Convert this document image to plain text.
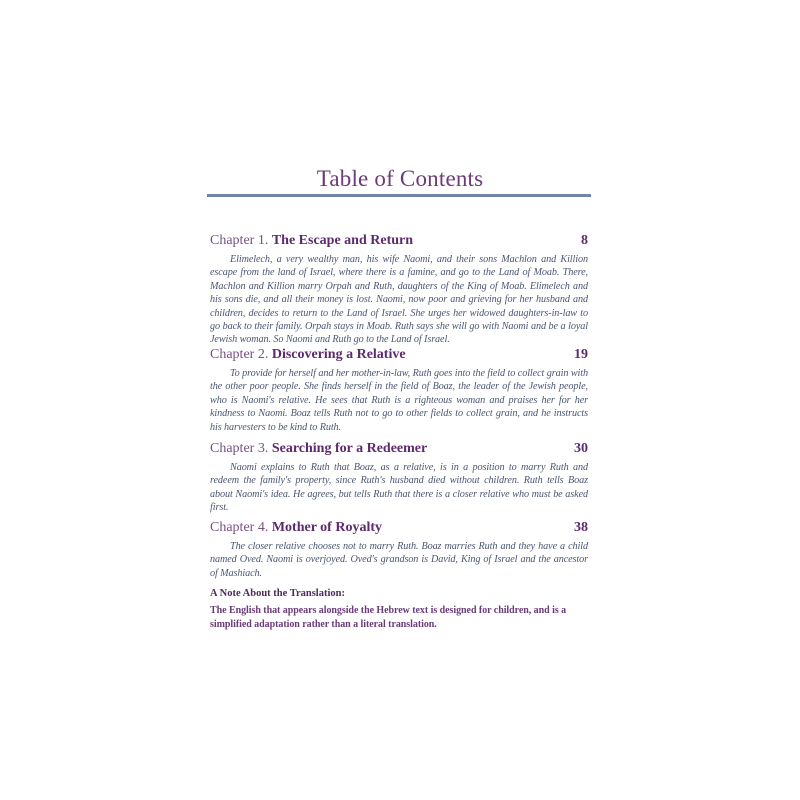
Table of Contents
Chapter 1. The Escape and Return	8
Elimelech, a very wealthy man, his wife Naomi, and their sons Machlon and Killion escape from the land of Israel, where there is a famine, and go to the Land of Moab. There, Machlon and Killion marry Orpah and Ruth, daughters of the King of Moab. Elimelech and his sons die, and all their money is lost. Naomi, now poor and grieving for her husband and children, decides to return to the Land of Israel. She urges her widowed daughters-in-law to go back to their family. Orpah stays in Moab. Ruth says she will go with Naomi and be a loyal Jewish woman. So Naomi and Ruth go to the Land of Israel.
Chapter 2. Discovering a Relative	19
To provide for herself and her mother-in-law, Ruth goes into the field to collect grain with the other poor people. She finds herself in the field of Boaz, the leader of the Jewish people, who is Naomi's relative. He sees that Ruth is a righteous woman and praises her for her kindness to Naomi. Boaz tells Ruth not to go to other fields to collect grain, and he instructs his harvesters to be kind to Ruth.
Chapter 3. Searching for a Redeemer	30
Naomi explains to Ruth that Boaz, as a relative, is in a position to marry Ruth and redeem the family's property, since Ruth's husband died without children. Ruth tells Boaz about Naomi's idea. He agrees, but tells Ruth that there is a closer relative who must be asked first.
Chapter 4. Mother of Royalty	38
The closer relative chooses not to marry Ruth. Boaz marries Ruth and they have a child named Oved. Naomi is overjoyed. Oved's grandson is David, King of Israel and the ancestor of Mashiach.
A Note About the Translation:
The English that appears alongside the Hebrew text is designed for children, and is a simplified adaptation rather than a literal translation.
